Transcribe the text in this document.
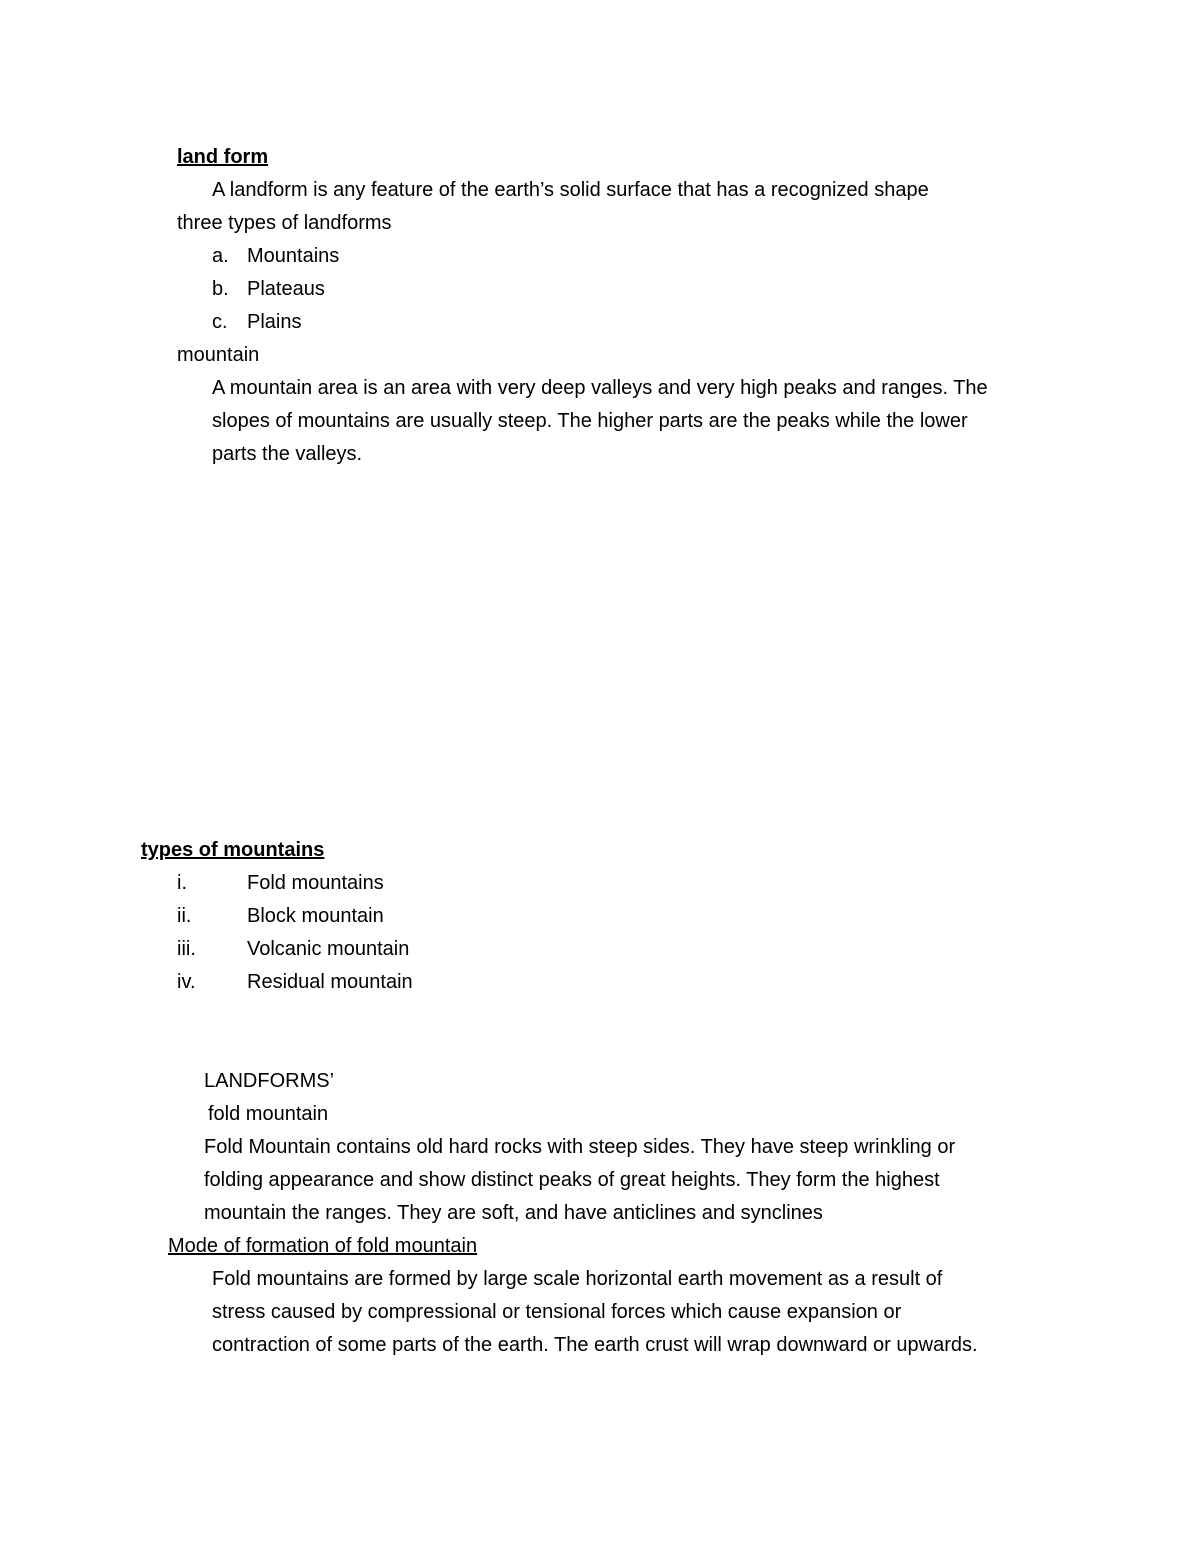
land form

A landform is any feature of the earth’s solid surface that has a recognized shape

three types of landforms

a. Mountains
b. Plateaus
c. Plains

mountain

A mountain area is an area with very deep valleys and very high peaks and ranges. The

slopes of mountains are usually steep. The higher parts are the peaks while the lower

parts the valleys.

types of mountains

i.	Fold mountains
ii.	Block mountain
iii.	Volcanic mountain
iv.	Residual mountain

LANDFORMS’

fold mountain

Fold Mountain contains old hard rocks with steep sides. They have steep wrinkling or

folding appearance and show distinct peaks of great heights. They form the highest

mountain the ranges. They are soft, and have anticlines and synclines

Mode of formation of fold mountain

Fold mountains are formed by large scale horizontal earth movement as a result of

stress caused by compressional or tensional forces which cause expansion or

contraction of some parts of the earth. The earth crust will wrap downward or upwards.
